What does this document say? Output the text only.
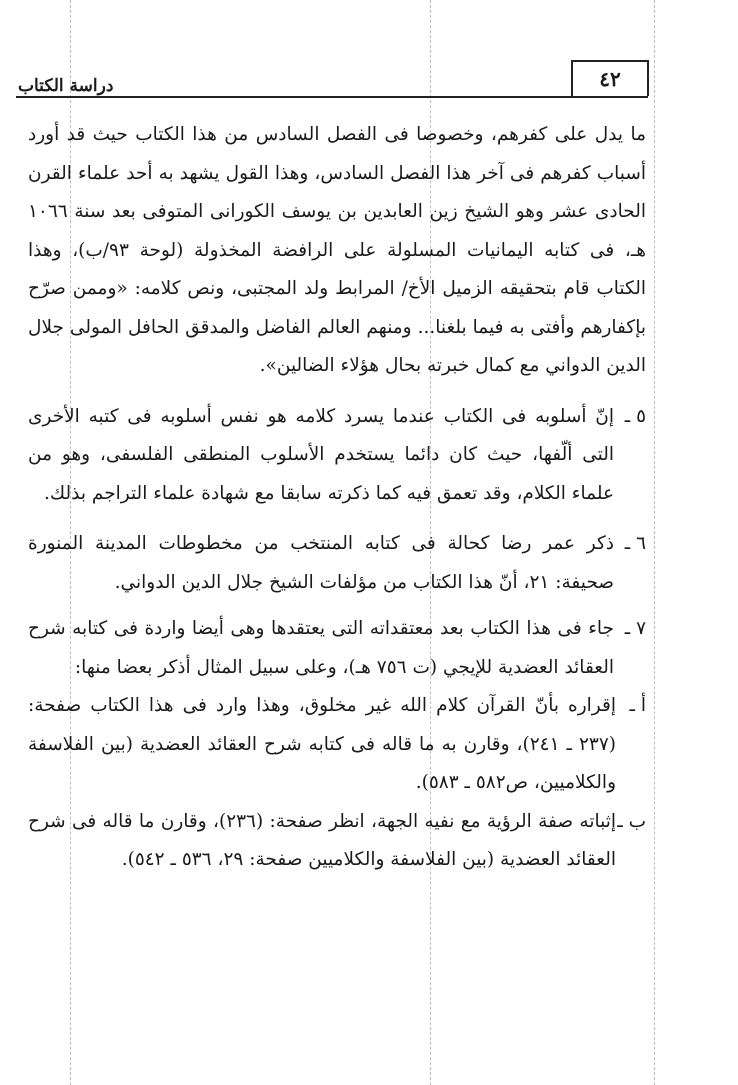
دراسة الكتاب	٤٢

ما يدل على كفرهم، وخصوصا فى الفصل السادس من هذا الكتاب حيث قد أورد أسباب كفرهم فى آخر هذا الفصل السادس، وهذا القول يشهد به أحد علماء القرن الحادى عشر وهو الشيخ زين العابدين بن يوسف الكورانى المتوفى بعد سنة ١٠٦٦ هـ، فى كتابه اليمانيات المسلولة على الرافضة المخذولة (لوحة ٩٣/ب)، وهذا الكتاب قام بتحقيقه الزميل الأخ/ المرابط ولد المجتبى، ونص كلامه: «وممن صرّح بإكفارهم وأفتى به فيما بلغنا... ومنهم العالم الفاضل والمدقق الحافل المولى جلال الدين الدواني مع كمال خبرته بحال هؤلاء الضالين».

٥ ـ
إنّ أسلوبه فى الكتاب عندما يسرد كلامه هو نفس أسلوبه فى كتبه الأخرى التى ألّفها، حيث كان دائما يستخدم الأسلوب المنطقى الفلسفى، وهو من علماء الكلام، وقد تعمق فيه كما ذكرته سابقا مع شهادة علماء التراجم بذلك.
٦ ـ
ذكر عمر رضا كحالة فى كتابه المنتخب من مخطوطات المدينة المنورة صحيفة: ٢١، أنّ هذا الكتاب من مؤلفات الشيخ جلال الدين الدواني.
٧ ـ
جاء فى هذا الكتاب بعد معتقداته التى يعتقدها وهى أيضا واردة فى كتابه شرح العقائد العضدية للإيجي (ت ٧٥٦ هـ)، وعلى سبيل المثال أذكر بعضا منها:
أ ـ
إقراره بأنّ القرآن كلام الله غير مخلوق، وهذا وارد فى هذا الكتاب صفحة: (٢٣٧ ـ ٢٤١)، وقارن به ما قاله فى كتابه شرح العقائد العضدية (بين الفلاسفة والكلاميين، ص٥٨٢ ـ ٥٨٣).
ب ـ
إثباته صفة الرؤية مع نفيه الجهة، انظر صفحة: (٢٣٦)، وقارن ما قاله فى شرح العقائد العضدية (بين الفلاسفة والكلاميين صفحة: ٢٩، ٥٣٦ ـ ٥٤٢).
